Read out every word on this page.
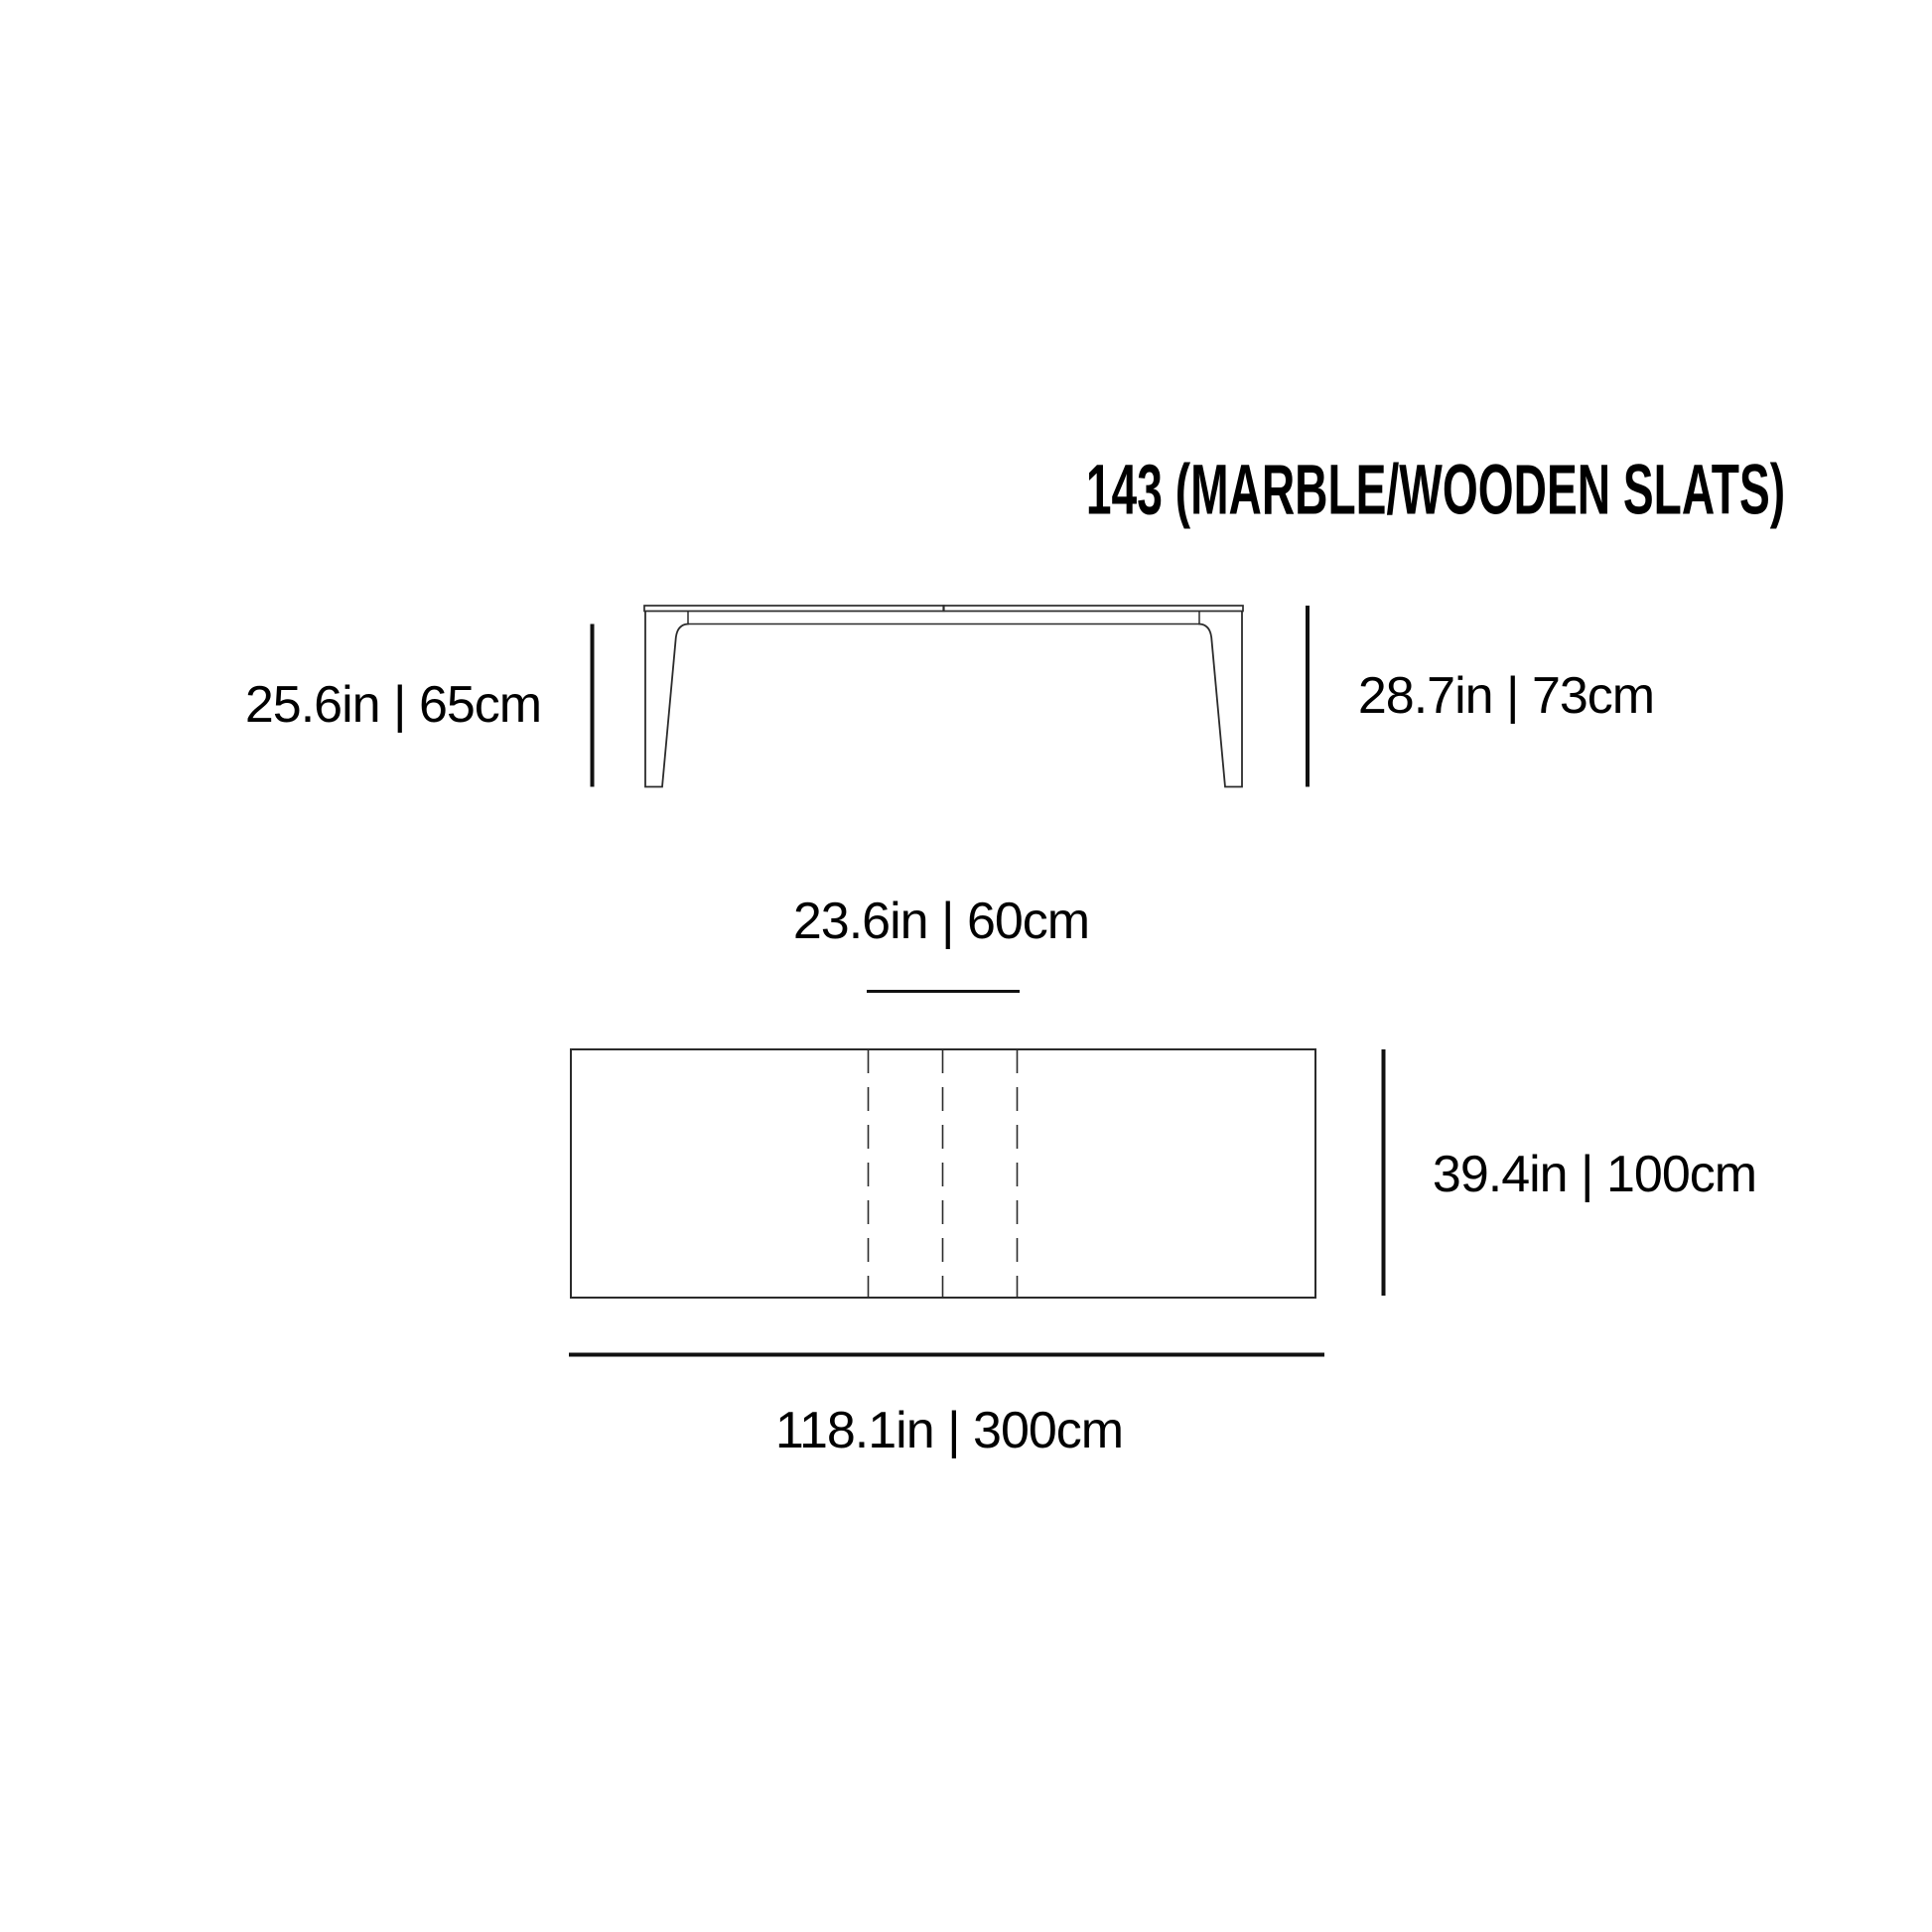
143 (MARBLE/WOODEN SLATS)
25.6in | 65cm	28.7in | 73cm
23.6in | 60cm
39.4in | 100cm
118.1in | 300cm
